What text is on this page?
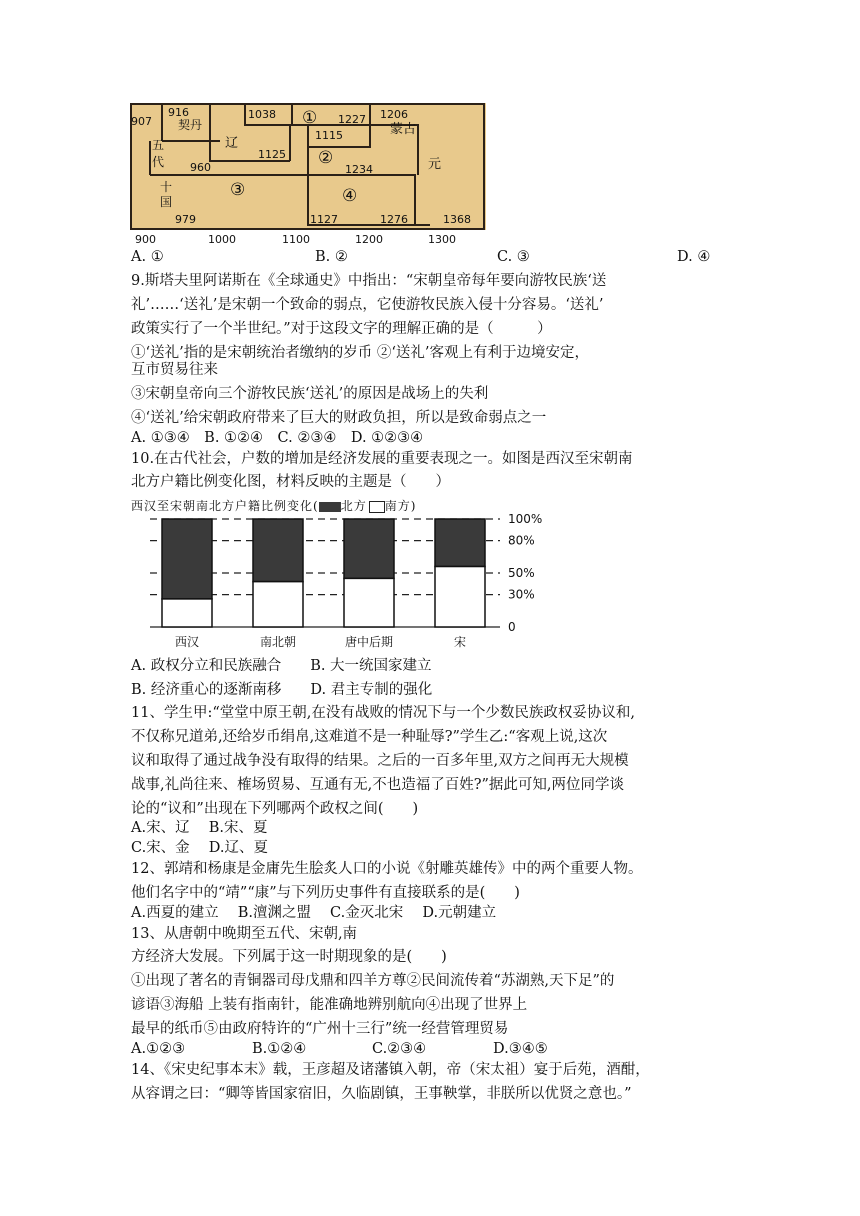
907
916
契丹
1038 ① 1227 1206
蒙古
辽
1115
五
代
1125 ②	元
960	1234
十
国
③	④
979	1127	1276	1368
900	1000	1100	1200	1300
A. ①	B. ②	C. ③	D. ④
9.斯塔夫里阿诺斯在《全球通史》中指出：“宋朝皇帝每年要向游牧民族‘送
礼’……‘送礼’是宋朝一个致命的弱点，它使游牧民族入侵十分容易。‘送礼’
政策实行了一个半世纪。”对于这段文字的理解正确的是（　　　）
①‘送礼’指的是宋朝统治者缴纳的岁币 ②‘送礼’客观上有利于边境安定，
互市贸易往来
③宋朝皇帝向三个游牧民族‘送礼’的原因是战场上的失利
④‘送礼’给宋朝政府带来了巨大的财政负担，所以是致命弱点之一
A. ①③④　B. ①②④　C. ②③④　D. ①②③④
10.在古代社会，户数的增加是经济发展的重要表现之一。如图是西汉至宋朝南
北方户籍比例变化图，材料反映的主题是（　　）
西汉至宋朝南北方户籍比例变化( 北方 南方)
100%
80%
50%
30%
0
西汉	南北朝	唐中后期	宋
A. 政权分立和民族融合　　B. 大一统国家建立
B. 经济重心的逐渐南移　　D. 君主专制的强化
11、学生甲:“堂堂中原王朝,在没有战败的情况下与一个少数民族政权妥协议和,
不仅称兄道弟,还给岁币绢帛,这难道不是一种耻辱?”学生乙:“客观上说,这次
议和取得了通过战争没有取得的结果。之后的一百多年里,双方之间再无大规模
战事,礼尚往来、榷场贸易、互通有无,不也造福了百姓?”据此可知,两位同学谈
论的“议和”出现在下列哪两个政权之间(　　)
A.宋、辽　 B.宋、夏
C.宋、金　 D.辽、夏
12、郭靖和杨康是金庸先生脍炙人口的小说《射雕英雄传》中的两个重要人物。
他们名字中的“靖”“康”与下列历史事件有直接联系的是(　　)
A.西夏的建立　 B.澶渊之盟　 C.金灭北宋　 D.元朝建立
13、从唐朝中晚期至五代、宋朝,南
方经济大发展。下列属于这一时期现象的是(　　)
①出现了著名的青铜器司母戊鼎和四羊方尊②民间流传着“苏湖熟,天下足”的
谚语③海船 上装有指南针，能准确地辨别航向④出现了世界上
最早的纸币⑤由政府特许的“广州十三行”统一经营管理贸易
A.①②③	B.①②④	C.②③④	D.③④⑤
14、《宋史纪事本末》载，王彦超及诸藩镇入朝，帝（宋太祖）宴于后苑，酒酣，
从容谓之曰：“卿等皆国家宿旧，久临剧镇，王事鞅掌，非朕所以优贤之意也。”
